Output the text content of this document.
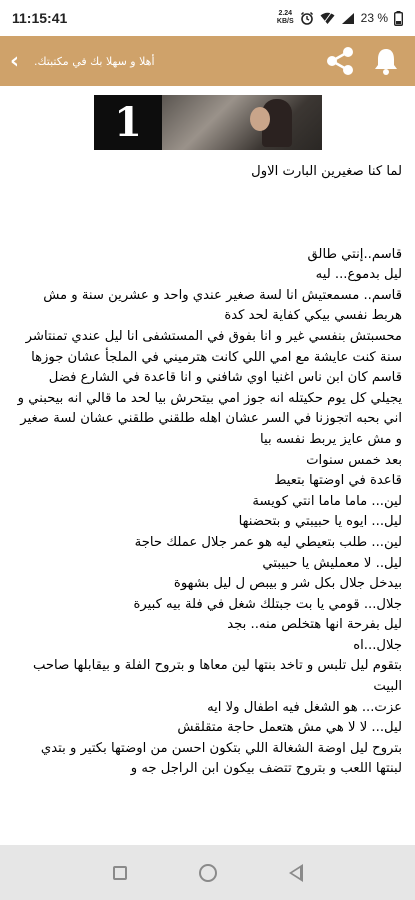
11:15:41	2.24
KB/S	23 %
‹	أهلا و سهلا بك في مكتبتك.
1

لما كنا صغيرين البارت الاول

قاسم..إنتي طالق

ليل بدموع... ليه

قاسم.. مسمعتيش انا لسة صغير عندي واحد و عشرين سنة و مش هربط نفسي بيكي كفاية لحد كدة

محسبتش بنفسي غير و انا بفوق في المستشفى انا ليل عندي تمنتاشر سنة كنت عايشة مع امي اللي كانت هترميني في الملجأ عشان جوزها قاسم كان ابن ناس اغنيا اوي شافني و انا قاعدة في الشارع فضل يجيلي كل يوم حكيتله انه جوز امي بيتحرش بيا لحد ما قالي انه بيحبني و اني بحبه اتجوزنا في السر عشان اهله طلقني طلقني عشان لسة صغير و مش عايز يربط نفسه بيا

بعد خمس سنوات

قاعدة في اوضتها بتعيط

لين... ماما ماما انتي كويسة

ليل... ايوه يا حبيبتي و بتحضنها

لين... طلب بتعيطي ليه هو عمر جلال عملك حاجة

ليل.. لا معمليش يا حبيبتي

بيدخل جلال بكل شر و بيبص ل ليل بشهوة

جلال... قومي يا بت جبتلك شغل في فلة بيه كبيرة

ليل بفرحة انها هتخلص منه.. بجد

جلال...اه

بتقوم ليل تلبس و تاخد بنتها لين معاها و بتروح الفلة و بيقابلها صاحب البيت

عزت... هو الشغل فيه اطفال ولا ايه

ليل... لا لا هي مش هتعمل حاجة متقلقش

بتروح ليل اوضة الشغالة اللي بتكون احسن من اوضتها بكتير و بتدي لبنتها اللعب و بتروح تتضف بيكون ابن الراجل جه و
